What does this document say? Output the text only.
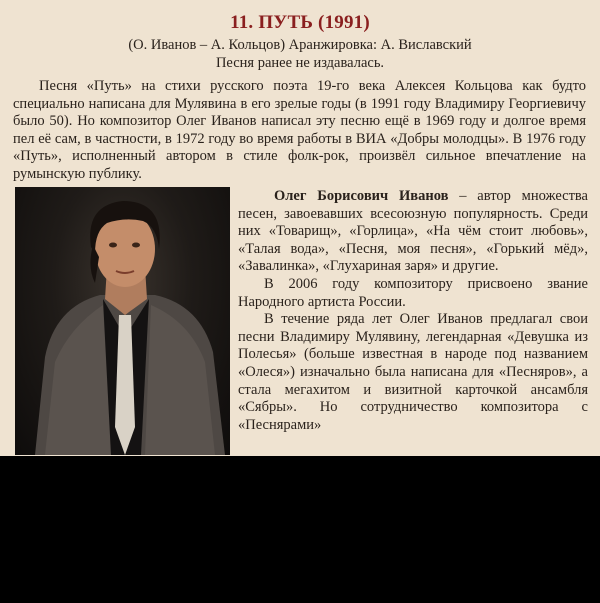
11. ПУТЬ (1991)
(О. Иванов – А. Кольцов) Аранжировка: А. Виславский
Песня ранее не издавалась.

Песня «Путь» на стихи русского поэта 19-го века Алексея Кольцова как будто специально написана для Мулявина в его зрелые годы (в 1991 году Владимиру Георгиевичу было 50). Но композитор Олег Иванов написал эту песню ещё в 1969 году и долгое время пел её сам, в частности, в 1972 году во время работы в ВИА «Добры молодцы». В 1976 году «Путь», исполненный автором в стиле фолк-рок, произвёл сильное впечатление на румынскую публику.

Олег Борисович Иванов – автор множества песен, завоевавших всесоюзную популярность. Среди них «Товарищ», «Горлица», «На чём стоит любовь», «Талая вода», «Песня, моя песня», «Горький мёд», «Завалинка», «Глухариная заря» и другие.

В 2006 году композитору присвоено звание Народного артиста России.

В течение ряда лет Олег Иванов предлагал свои песни Владимиру Мулявину, легендарная «Девушка из Полесья» (больше известная в народе под названием «Олеся») изначально была написана для «Песняров», а стала мегахитом и визитной карточкой ансамбля «Сябры». Но сотрудничество композитора с «Песнярами»
